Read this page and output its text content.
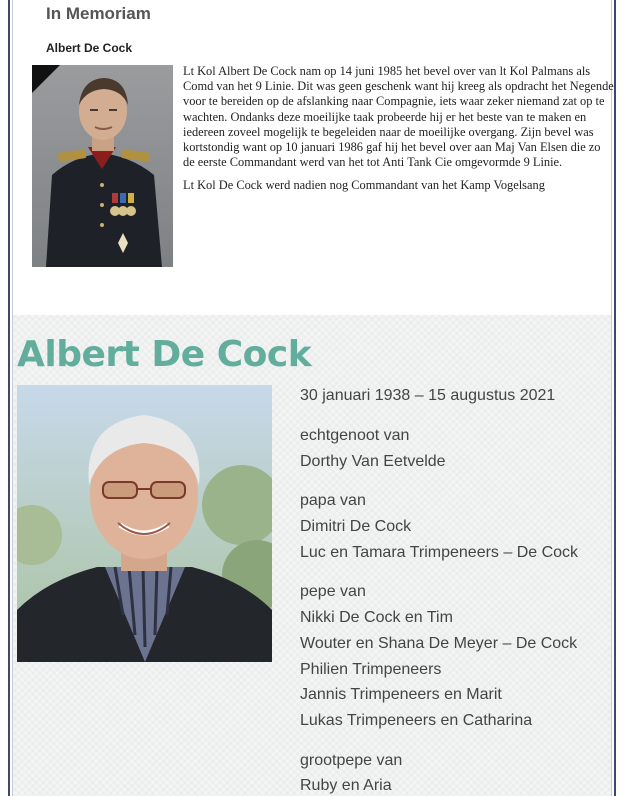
In Memoriam
Albert De Cock

Lt Kol Albert De Cock nam op 14 juni 1985 het bevel over van lt Kol Palmans als Comd van het 9 Linie. Dit was geen geschenk want hij kreeg als opdracht het Negende voor te bereiden op de afslanking naar Compagnie, iets waar zeker niemand zat op te wachten. Ondanks deze moeilijke taak probeerde hij er het beste van te maken en iedereen zoveel mogelijk te begeleiden naar de moeilijke overgang. Zijn bevel was kortstondig want op 10 januari 1986 gaf hij het bevel over aan Maj Van Elsen die zo de eerste Commandant werd van het tot Anti Tank Cie omgevormde 9 Linie.

Lt Kol De Cock werd nadien nog Commandant van het Kamp Vogelsang

Albert De Cock
30 januari 1938 – 15 augustus 2021
echtgenoot van
Dorthy Van Eetvelde
papa van
Dimitri De Cock
Luc en Tamara Trimpeneers – De Cock
pepe van
Nikki De Cock en Tim
Wouter en Shana De Meyer – De Cock
Philien Trimpeneers
Jannis Trimpeneers en Marit
Lukas Trimpeneers en Catharina
grootpepe van
Ruby en Aria
